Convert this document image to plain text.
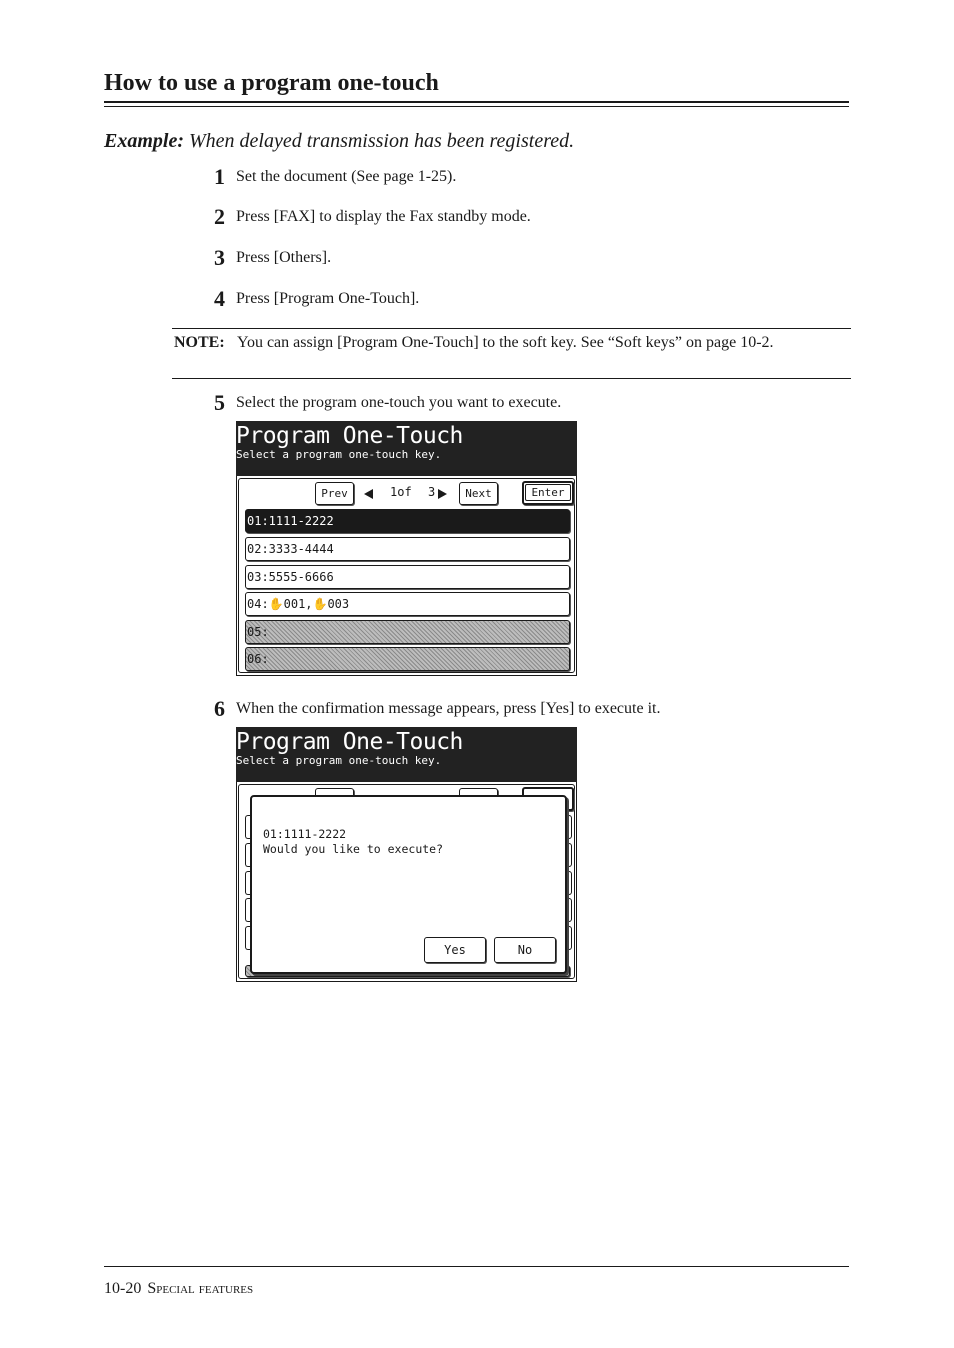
How to use a program one-touch
Example: When delayed transmission has been registered.
1 Set the document (See page 1-25).
2 Press [FAX] to display the Fax standby mode.
3 Press [Others].
4 Press [Program One-Touch].
NOTE: You can assign [Program One-Touch] to the soft key. See “Soft keys” on page 10-2.
5 Select the program one-touch you want to execute.
Program One-Touch
Select a program one-touch key.
Prev	1of 3	Next	Enter
01:1111-2222
02:3333-4444
03:5555-6666
04:✋001,✋003
05:
06:
6 When the confirmation message appears, press [Yes] to execute it.
Program One-Touch
Select a program one-touch key.
01:1111-2222
Would you like to execute?
Yes	No
10-20 Special features
